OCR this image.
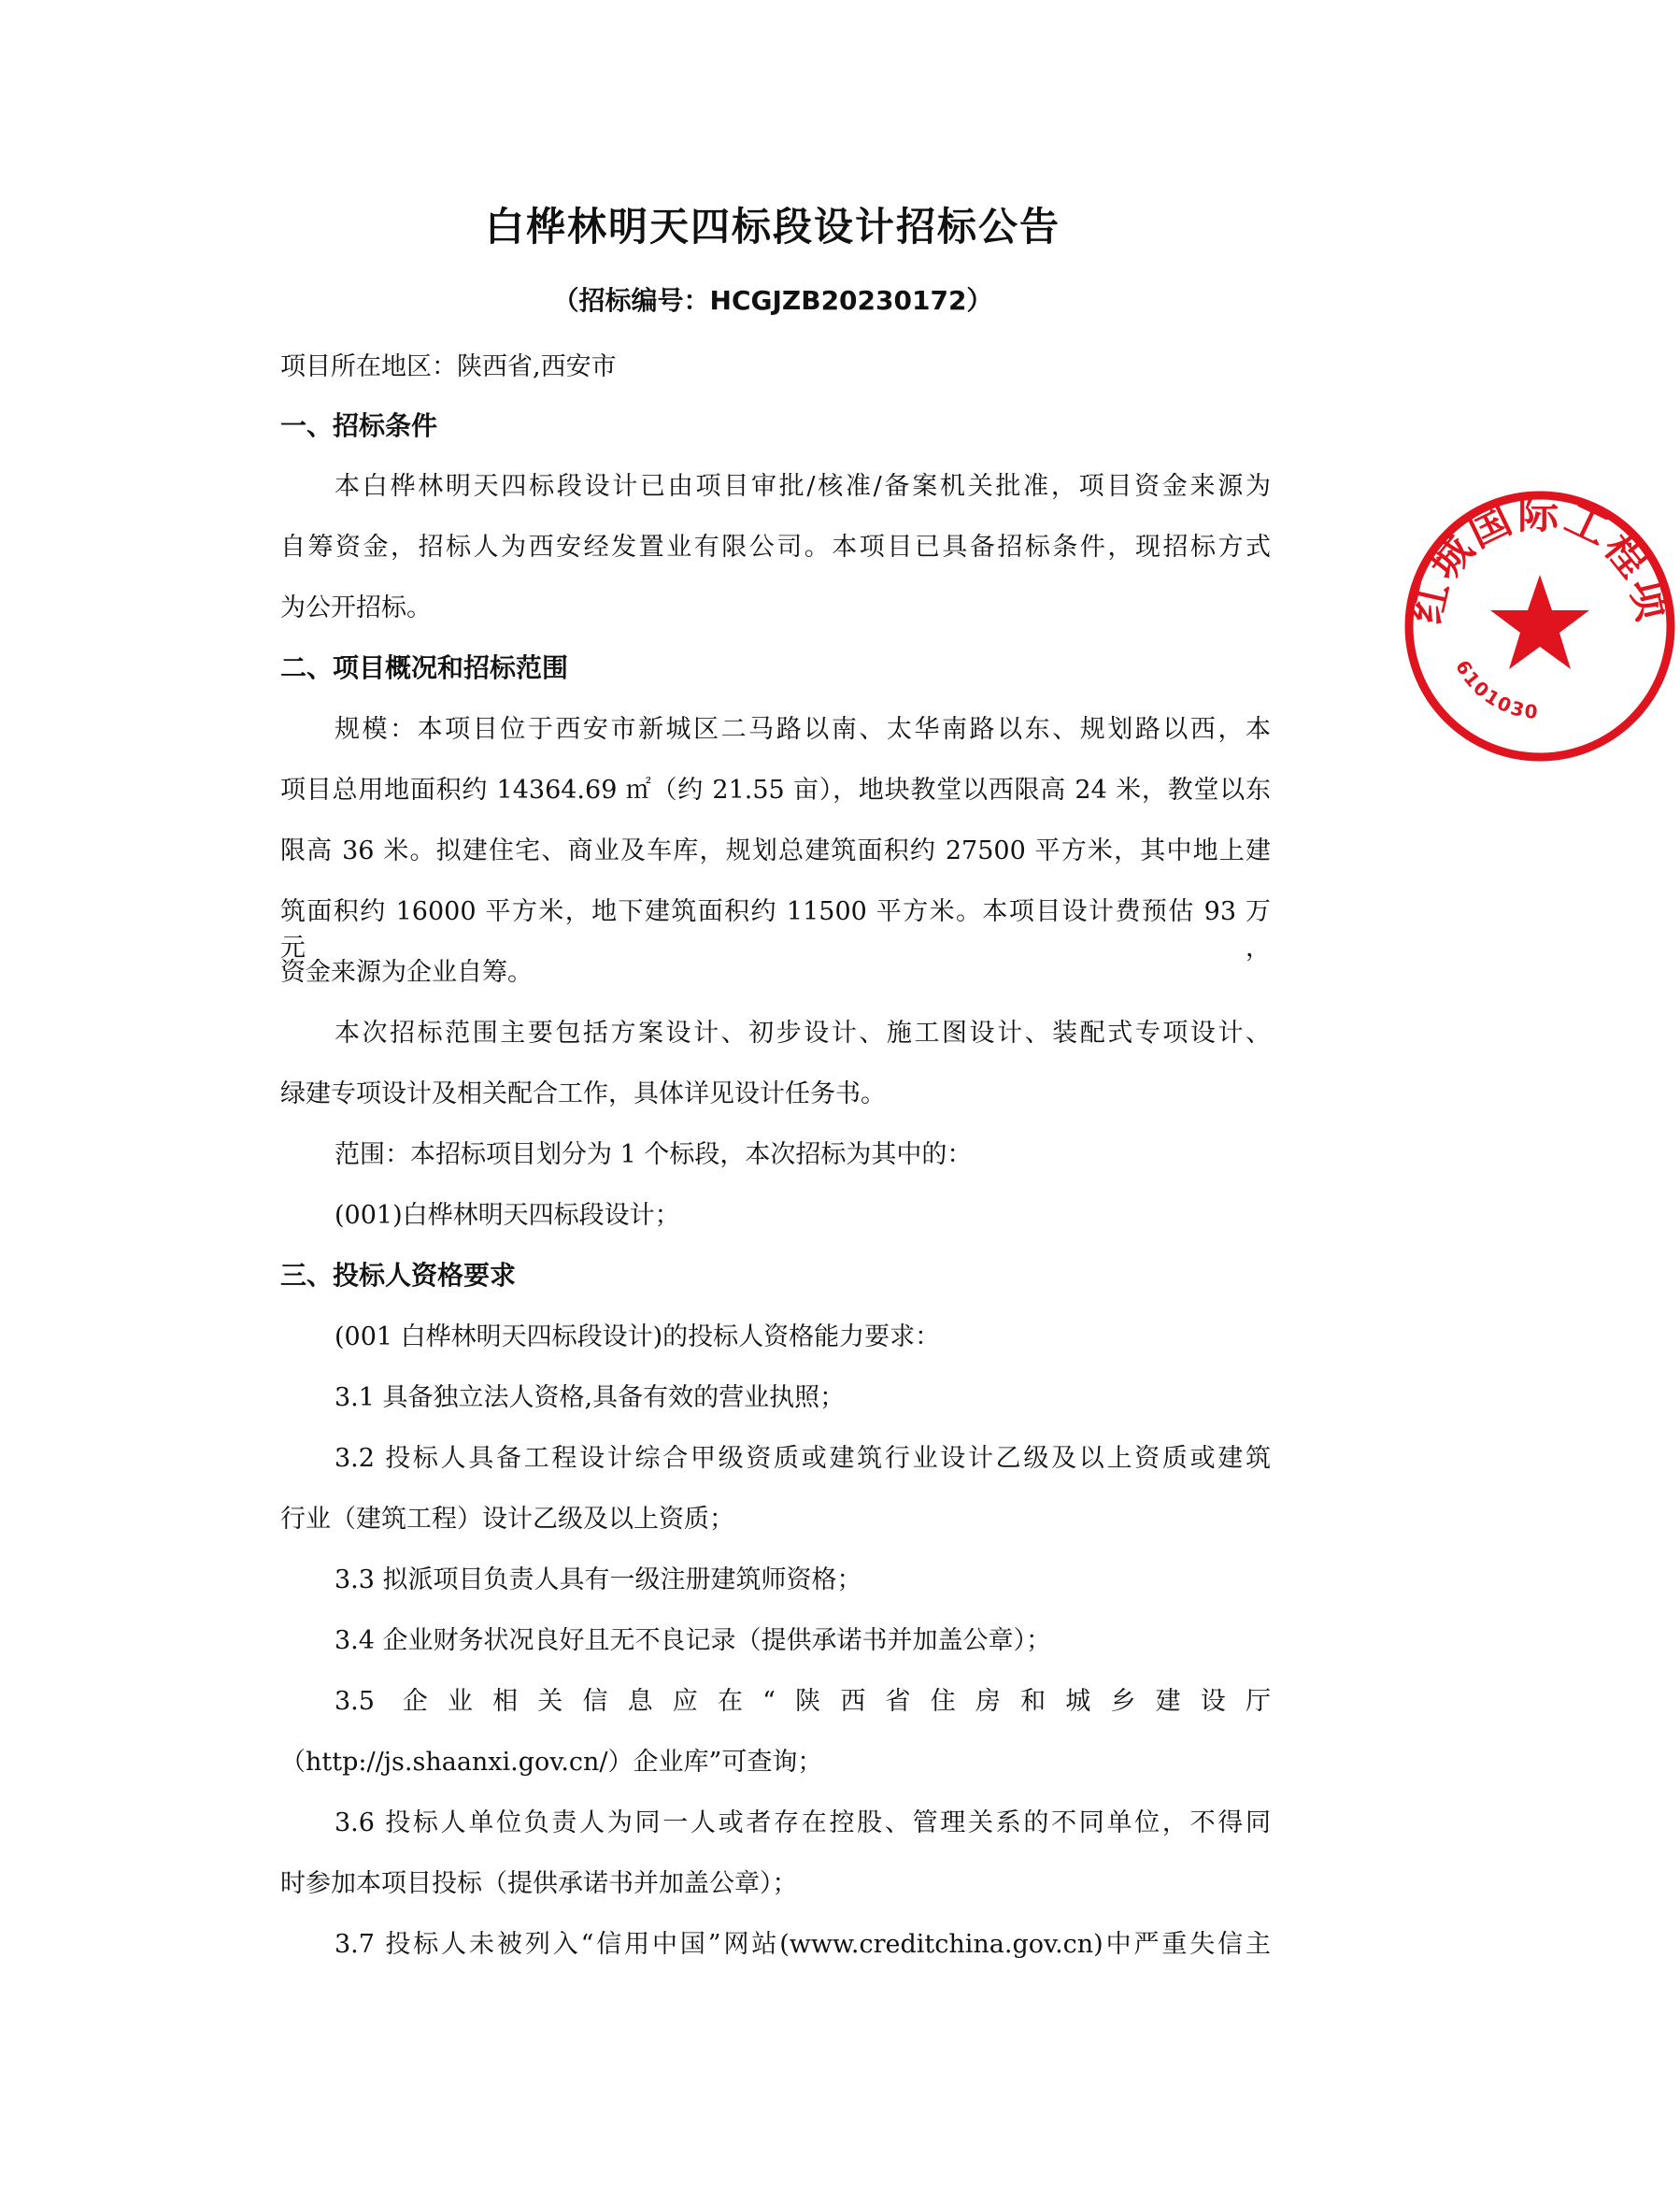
白桦林明天四标段设计招标公告
（招标编号：HCGJZB20230172）
项目所在地区：陕西省,西安市
一、招标条件
本白桦林明天四标段设计已由项目审批/核准/备案机关批准，项目资金来源为
自筹资金，招标人为西安经发置业有限公司。本项目已具备招标条件，现招标方式
为公开招标。
二、项目概况和招标范围
规模：本项目位于西安市新城区二马路以南、太华南路以东、规划路以西，本
项目总用地面积约 14364.69 ㎡（约 21.55 亩），地块教堂以西限高 24 米，教堂以东
限高 36 米。拟建住宅、商业及车库，规划总建筑面积约 27500 平方米，其中地上建
筑面积约 16000 平方米，地下建筑面积约 11500 平方米。本项目设计费预估 93 万元，
资金来源为企业自筹。
本次招标范围主要包括方案设计、初步设计、施工图设计、装配式专项设计、
绿建专项设计及相关配合工作，具体详见设计任务书。
范围：本招标项目划分为 1 个标段，本次招标为其中的：
(001)白桦林明天四标段设计；
三、投标人资格要求
(001 白桦林明天四标段设计)的投标人资格能力要求：
3.1 具备独立法人资格,具备有效的营业执照；
3.2 投标人具备工程设计综合甲级资质或建筑行业设计乙级及以上资质或建筑
行业（建筑工程）设计乙级及以上资质；
3.3 拟派项目负责人具有一级注册建筑师资格；
3.4 企业财务状况良好且无不良记录（提供承诺书并加盖公章）；
3.5 企业相关信息应在“陕西省住房和城乡建设厅
（http://js.shaanxi.gov.cn/）企业库”可查询；
3.6 投标人单位负责人为同一人或者存在控股、管理关系的不同单位，不得同
时参加本项目投标（提供承诺书并加盖公章）；
3.7 投标人未被列入“信用中国”网站(www.creditchina.gov.cn)中严重失信主
红城国际工程项
6101030
